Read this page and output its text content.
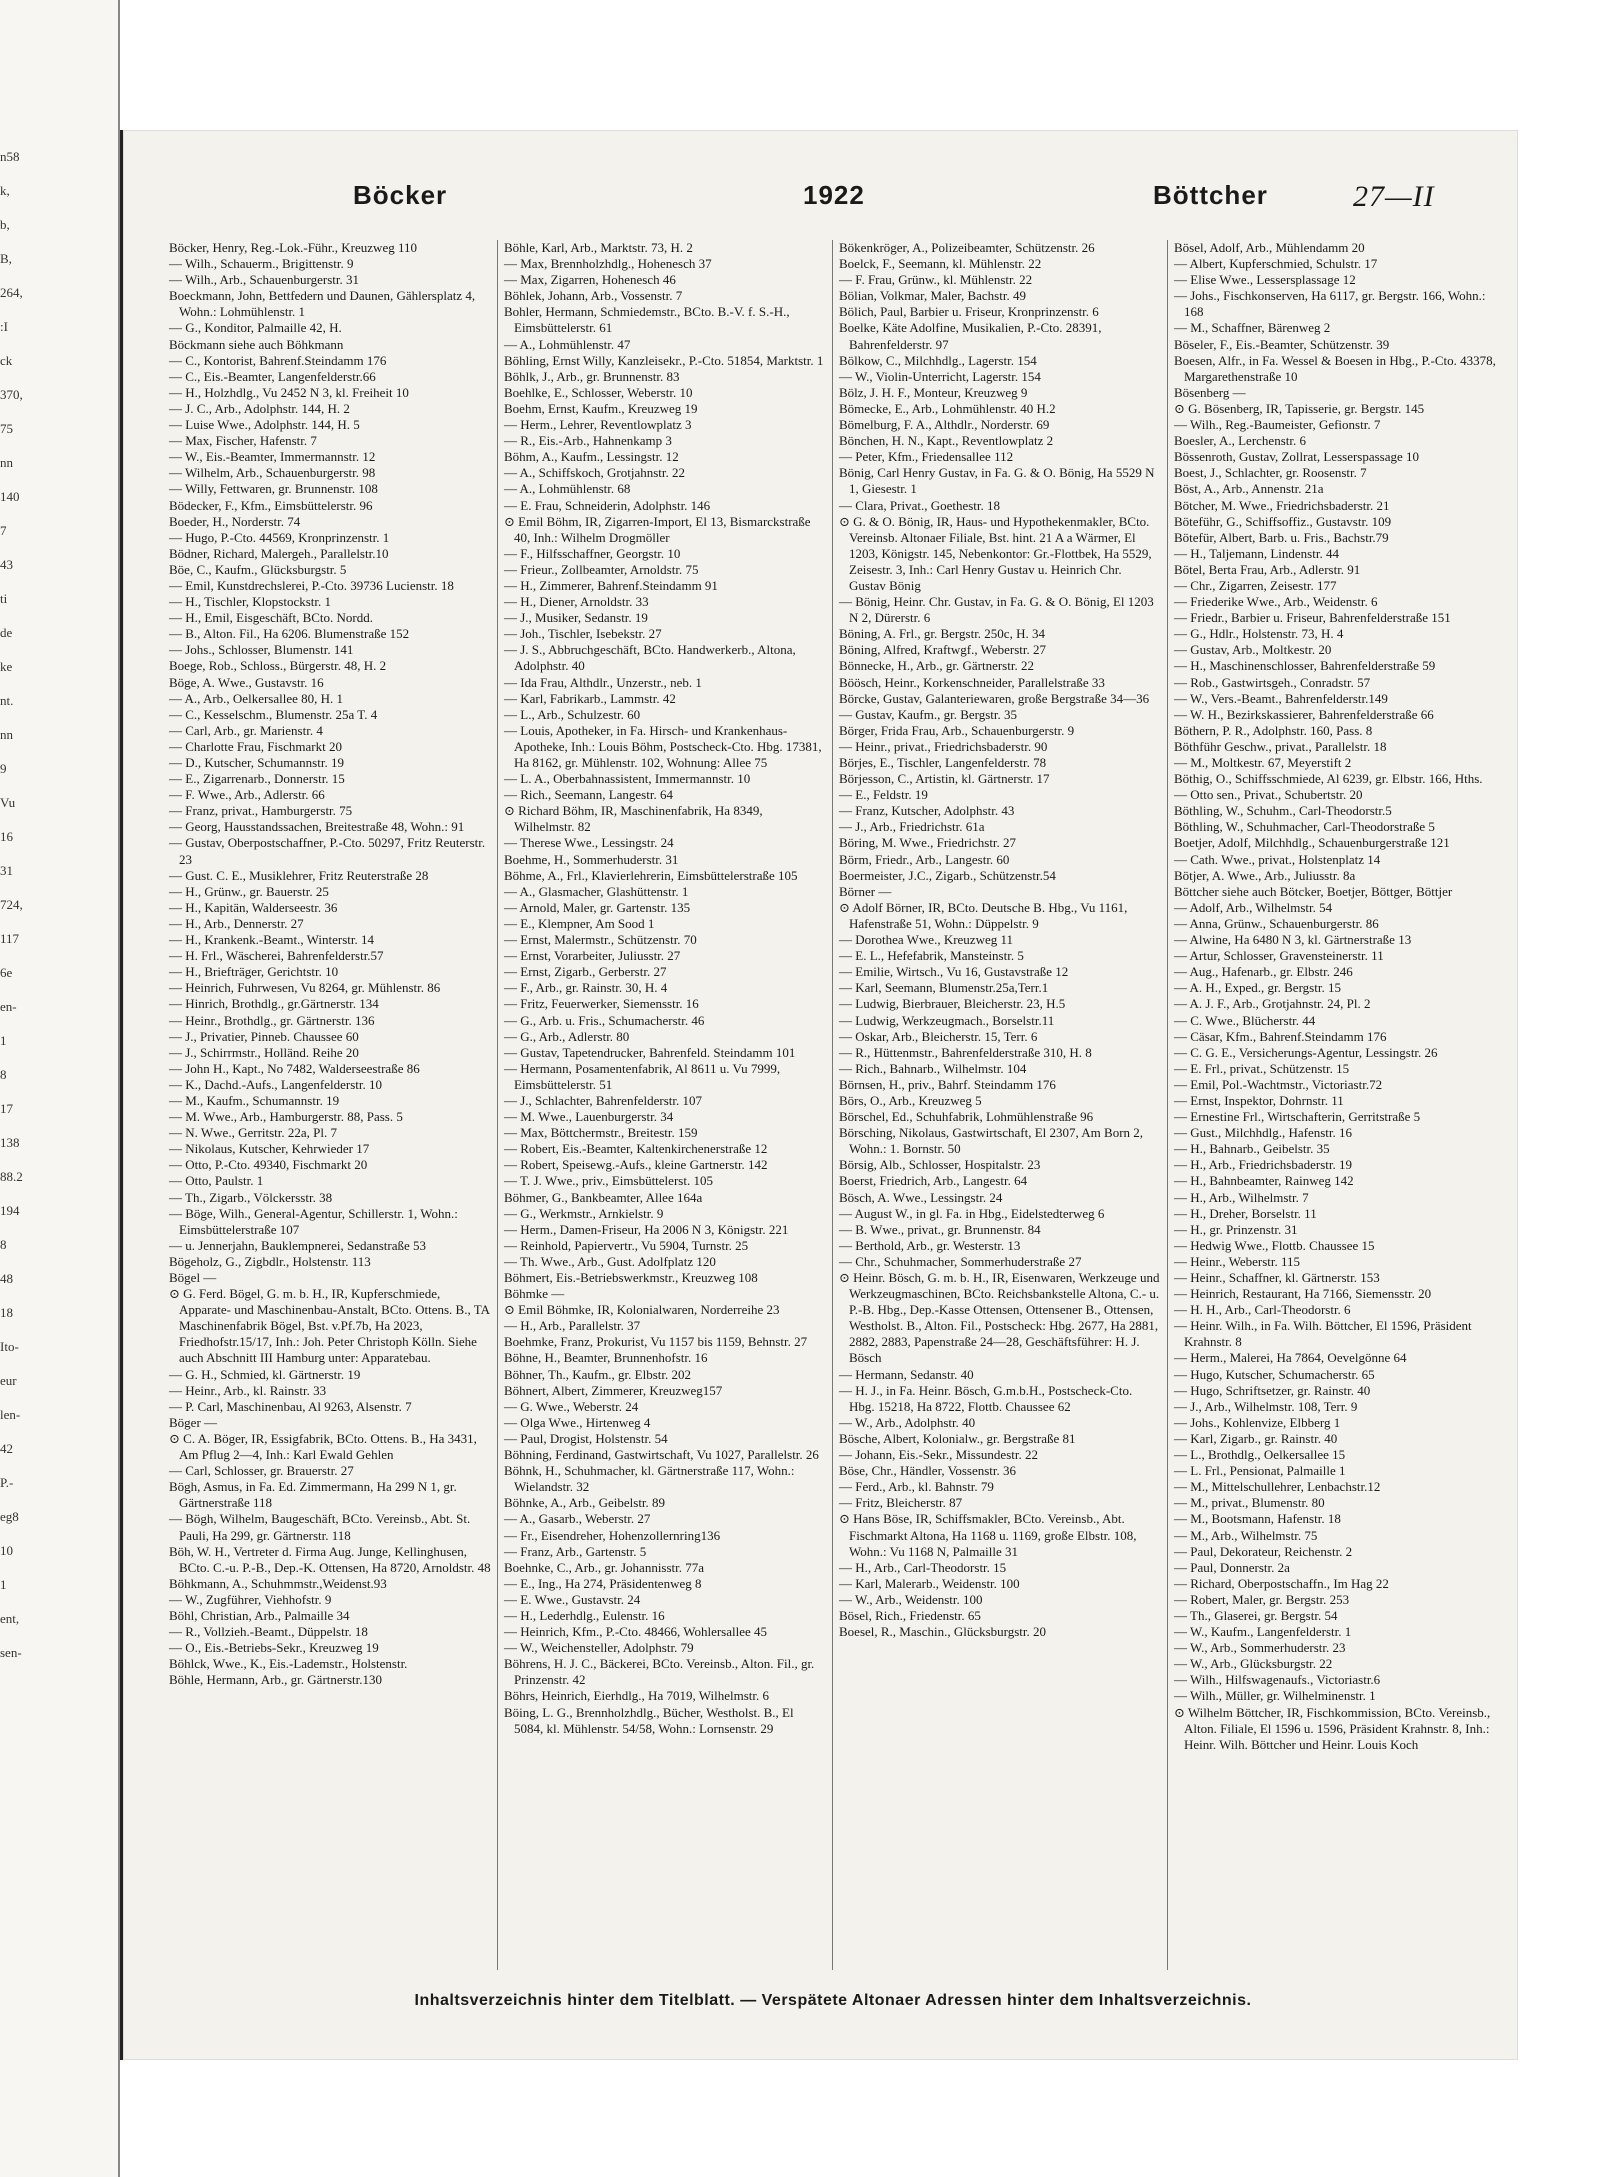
n58
k,
b,
B,
264,
:I
ck
370,
75
nn
140
7
43
ti
de
ke
nt.
nn
9
Vu
16
31
724,
117
6e
en-
1
8
17
138
88.2
194
8
48
18
Ito-
eur
len-
42
P.-
eg8
10
1
ent,
sen-
Böcker	1922	Böttcher	27—II

Böcker, Henry, Reg.-Lok.-Führ., Kreuzweg 110

— Wilh., Schauerm., Brigittenstr. 9

— Wilh., Arb., Schauenburgerstr. 31

Boeckmann, John, Bettfedern und Daunen, Gählersplatz 4, Wohn.: Lohmühlenstr. 1

— G., Konditor, Palmaille 42, H.

Böckmann siehe auch Böhkmann

— C., Kontorist, Bahrenf.Steindamm 176

— C., Eis.-Beamter, Langenfelderstr.66

— H., Holzhdlg., Vu 2452 N 3, kl. Freiheit 10

— J. C., Arb., Adolphstr. 144, H. 2

— Luise Wwe., Adolphstr. 144, H. 5

— Max, Fischer, Hafenstr. 7

— W., Eis.-Beamter, Immermannstr. 12

— Wilhelm, Arb., Schauenburgerstr. 98

— Willy, Fettwaren, gr. Brunnenstr. 108

Bödecker, F., Kfm., Eimsbüttelerstr. 96

Boeder, H., Norderstr. 74

— Hugo, P.-Cto. 44569, Kronprinzenstr. 1

Bödner, Richard, Malergeh., Parallelstr.10

Böe, C., Kaufm., Glücksburgstr. 5

— Emil, Kunstdrechslerei, P.-Cto. 39736 Lucienstr. 18

— H., Tischler, Klopstockstr. 1

— H., Emil, Eisgeschäft, BCto. Nordd.

— B., Alton. Fil., Ha 6206. Blumenstraße 152

— Johs., Schlosser, Blumenstr. 141

Boege, Rob., Schloss., Bürgerstr. 48, H. 2

Böge, A. Wwe., Gustavstr. 16

— A., Arb., Oelkersallee 80, H. 1

— C., Kesselschm., Blumenstr. 25a T. 4

— Carl, Arb., gr. Marienstr. 4

— Charlotte Frau, Fischmarkt 20

— D., Kutscher, Schumannstr. 19

— E., Zigarrenarb., Donnerstr. 15

— F. Wwe., Arb., Adlerstr. 66

— Franz, privat., Hamburgerstr. 75

— Georg, Hausstandssachen, Breitestraße 48, Wohn.: 91

— Gustav, Oberpostschaffner, P.-Cto. 50297, Fritz Reuterstr. 23

— Gust. C. E., Musiklehrer, Fritz Reuterstraße 28

— H., Grünw., gr. Bauerstr. 25

— H., Kapitän, Walderseestr. 36

— H., Arb., Dennerstr. 27

— H., Krankenk.-Beamt., Winterstr. 14

— H. Frl., Wäscherei, Bahrenfelderstr.57

— H., Briefträger, Gerichtstr. 10

— Heinrich, Fuhrwesen, Vu 8264, gr. Mühlenstr. 86

— Hinrich, Brothdlg., gr.Gärtnerstr. 134

— Heinr., Brothdlg., gr. Gärtnerstr. 136

— J., Privatier, Pinneb. Chaussee 60

— J., Schirrmstr., Holländ. Reihe 20

— John H., Kapt., No 7482, Walderseestraße 86

— K., Dachd.-Aufs., Langenfelderstr. 10

— M., Kaufm., Schumannstr. 19

— M. Wwe., Arb., Hamburgerstr. 88, Pass. 5

— N. Wwe., Gerritstr. 22a, Pl. 7

— Nikolaus, Kutscher, Kehrwieder 17

— Otto, P.-Cto. 49340, Fischmarkt 20

— Otto, Paulstr. 1

— Th., Zigarb., Völckersstr. 38

— Böge, Wilh., General-Agentur, Schillerstr. 1, Wohn.: Eimsbüttelerstraße 107

— u. Jennerjahn, Bauklempnerei, Sedanstraße 53

Bögeholz, G., Zigbdlr., Holstenstr. 113

Bögel —

⊙ G. Ferd. Bögel, G. m. b. H., IR, Kupferschmiede, Apparate- und Maschinenbau-Anstalt, BCto. Ottens. B., TA Maschinenfabrik Bögel, Bst. v.Pf.7b, Ha 2023, Friedhofstr.15/17, Inh.: Joh. Peter Christoph Kölln. Siehe auch Abschnitt III Hamburg unter: Apparatebau.

— G. H., Schmied, kl. Gärtnerstr. 19

— Heinr., Arb., kl. Rainstr. 33

— P. Carl, Maschinenbau, Al 9263, Alsenstr. 7

Böger —

⊙ C. A. Böger, IR, Essigfabrik, BCto. Ottens. B., Ha 3431, Am Pflug 2—4, Inh.: Karl Ewald Gehlen

— Carl, Schlosser, gr. Brauerstr. 27

Bögh, Asmus, in Fa. Ed. Zimmermann, Ha 299 N 1, gr. Gärtnerstraße 118

— Bögh, Wilhelm, Baugeschäft, BCto. Vereinsb., Abt. St. Pauli, Ha 299, gr. Gärtnerstr. 118

Böh, W. H., Vertreter d. Firma Aug. Junge, Kellinghusen, BCto. C.-u. P.-B., Dep.-K. Ottensen, Ha 8720, Arnoldstr. 48

Böhkmann, A., Schuhmmstr.,Weidenst.93

— W., Zugführer, Viehhofstr. 9

Böhl, Christian, Arb., Palmaille 34

— R., Vollzieh.-Beamt., Düppelstr. 18

— O., Eis.-Betriebs-Sekr., Kreuzweg 19

Böhlck, Wwe., K., Eis.-Lademstr., Holstenstr.

Böhle, Hermann, Arb., gr. Gärtnerstr.130

Böhle, Karl, Arb., Marktstr. 73, H. 2

— Max, Brennholzhdlg., Hohenesch 37

— Max, Zigarren, Hohenesch 46

Böhlek, Johann, Arb., Vossenstr. 7

Bohler, Hermann, Schmiedemstr., BCto. B.-V. f. S.-H., Eimsbüttelerstr. 61

— A., Lohmühlenstr. 47

Böhling, Ernst Willy, Kanzleisekr., P.-Cto. 51854, Marktstr. 1

Böhlk, J., Arb., gr. Brunnenstr. 83

Boehlke, E., Schlosser, Weberstr. 10

Boehm, Ernst, Kaufm., Kreuzweg 19

— Herm., Lehrer, Reventlowplatz 3

— R., Eis.-Arb., Hahnenkamp 3

Böhm, A., Kaufm., Lessingstr. 12

— A., Schiffskoch, Grotjahnstr. 22

— A., Lohmühlenstr. 68

— E. Frau, Schneiderin, Adolphstr. 146

⊙ Emil Böhm, IR, Zigarren-Import, El 13, Bismarckstraße 40, Inh.: Wilhelm Drogmöller

— F., Hilfsschaffner, Georgstr. 10

— Frieur., Zollbeamter, Arnoldstr. 75

— H., Zimmerer, Bahrenf.Steindamm 91

— H., Diener, Arnoldstr. 33

— J., Musiker, Sedanstr. 19

— Joh., Tischler, Isebekstr. 27

— J. S., Abbruchgeschäft, BCto. Handwerkerb., Altona, Adolphstr. 40

— Ida Frau, Althdlr., Unzerstr., neb. 1

— Karl, Fabrikarb., Lammstr. 42

— L., Arb., Schulzestr. 60

— Louis, Apotheker, in Fa. Hirsch- und Krankenhaus-Apotheke, Inh.: Louis Böhm, Postscheck-Cto. Hbg. 17381, Ha 8162, gr. Mühlenstr. 102, Wohnung: Allee 75

— L. A., Oberbahnassistent, Immermannstr. 10

— Rich., Seemann, Langestr. 64

⊙ Richard Böhm, IR, Maschinenfabrik, Ha 8349, Wilhelmstr. 82

— Therese Wwe., Lessingstr. 24

Boehme, H., Sommerhuderstr. 31

Böhme, A., Frl., Klavierlehrerin, Eimsbüttelerstraße 105

— A., Glasmacher, Glashüttenstr. 1

— Arnold, Maler, gr. Gartenstr. 135

— E., Klempner, Am Sood 1

— Ernst, Malermstr., Schützenstr. 70

— Ernst, Vorarbeiter, Juliusstr. 27

— Ernst, Zigarb., Gerberstr. 27

— F., Arb., gr. Rainstr. 30, H. 4

— Fritz, Feuerwerker, Siemensstr. 16

— G., Arb. u. Fris., Schumacherstr. 46

— G., Arb., Adlerstr. 80

— Gustav, Tapetendrucker, Bahrenfeld. Steindamm 101

— Hermann, Posamentenfabrik, Al 8611 u. Vu 7999, Eimsbüttelerstr. 51

— J., Schlachter, Bahrenfelderstr. 107

— M. Wwe., Lauenburgerstr. 34

— Max, Böttchermstr., Breitestr. 159

— Robert, Eis.-Beamter, Kaltenkirchenerstraße 12

— Robert, Speisewg.-Aufs., kleine Gartnerstr. 142

— T. J. Wwe., priv., Eimsbüttelerst. 105

Böhmer, G., Bankbeamter, Allee 164a

— G., Werkmstr., Arnkielstr. 9

— Herm., Damen-Friseur, Ha 2006 N 3, Königstr. 221

— Reinhold, Papiervertr., Vu 5904, Turnstr. 25

— Th. Wwe., Arb., Gust. Adolfplatz 120

Böhmert, Eis.-Betriebswerkmstr., Kreuzweg 108

Böhmke —

⊙ Emil Böhmke, IR, Kolonialwaren, Norderreihe 23

— H., Arb., Parallelstr. 37

Boehmke, Franz, Prokurist, Vu 1157 bis 1159, Behnstr. 27

Böhne, H., Beamter, Brunnenhofstr. 16

Böhner, Th., Kaufm., gr. Elbstr. 202

Böhnert, Albert, Zimmerer, Kreuzweg157

— G. Wwe., Weberstr. 24

— Olga Wwe., Hirtenweg 4

— Paul, Drogist, Holstenstr. 54

Böhning, Ferdinand, Gastwirtschaft, Vu 1027, Parallelstr. 26

Böhnk, H., Schuhmacher, kl. Gärtnerstraße 117, Wohn.: Wielandstr. 32

Böhnke, A., Arb., Geibelstr. 89

— A., Gasarb., Weberstr. 27

— Fr., Eisendreher, Hohenzollernring136

— Franz, Arb., Gartenstr. 5

Boehnke, C., Arb., gr. Johannisstr. 77a

— E., Ing., Ha 274, Präsidentenweg 8

— E. Wwe., Gustavstr. 24

— H., Lederhdlg., Eulenstr. 16

— Heinrich, Kfm., P.-Cto. 48466, Wohlersallee 45

— W., Weichensteller, Adolphstr. 79

Böhrens, H. J. C., Bäckerei, BCto. Vereinsb., Alton. Fil., gr. Prinzenstr. 42

Böhrs, Heinrich, Eierhdlg., Ha 7019, Wilhelmstr. 6

Böing, L. G., Brennholzhdlg., Bücher, Westholst. B., El 5084, kl. Mühlenstr. 54/58, Wohn.: Lornsenstr. 29

Bökenkröger, A., Polizeibeamter, Schützenstr. 26

Boelck, F., Seemann, kl. Mühlenstr. 22

— F. Frau, Grünw., kl. Mühlenstr. 22

Bölian, Volkmar, Maler, Bachstr. 49

Bölich, Paul, Barbier u. Friseur, Kronprinzenstr. 6

Boelke, Käte Adolfine, Musikalien, P.-Cto. 28391, Bahrenfelderstr. 97

Bölkow, C., Milchhdlg., Lagerstr. 154

— W., Violin-Unterricht, Lagerstr. 154

Bölz, J. H. F., Monteur, Kreuzweg 9

Bömecke, E., Arb., Lohmühlenstr. 40 H.2

Bömelburg, F. A., Althdlr., Norderstr. 69

Bönchen, H. N., Kapt., Reventlowplatz 2

— Peter, Kfm., Friedensallee 112

Bönig, Carl Henry Gustav, in Fa. G. & O. Bönig, Ha 5529 N 1, Giesestr. 1

— Clara, Privat., Goethestr. 18

⊙ G. & O. Bönig, IR, Haus- und Hypothekenmakler, BCto. Vereinsb. Altonaer Filiale, Bst. hint. 21 A a Wärmer, El 1203, Königstr. 145, Nebenkontor: Gr.-Flottbek, Ha 5529, Zeisestr. 3, Inh.: Carl Henry Gustav u. Heinrich Chr. Gustav Bönig

— Bönig, Heinr. Chr. Gustav, in Fa. G. & O. Bönig, El 1203 N 2, Dürerstr. 6

Böning, A. Frl., gr. Bergstr. 250c, H. 34

Böning, Alfred, Kraftwgf., Weberstr. 27

Bönnecke, H., Arb., gr. Gärtnerstr. 22

Böösch, Heinr., Korkenschneider, Parallelstraße 33

Börcke, Gustav, Galanteriewaren, große Bergstraße 34—36

— Gustav, Kaufm., gr. Bergstr. 35

Börger, Frida Frau, Arb., Schauenburgerstr. 9

— Heinr., privat., Friedrichsbaderstr. 90

Börjes, E., Tischler, Langenfelderstr. 78

Börjesson, C., Artistin, kl. Gärtnerstr. 17

— E., Feldstr. 19

— Franz, Kutscher, Adolphstr. 43

— J., Arb., Friedrichstr. 61a

Böring, M. Wwe., Friedrichstr. 27

Börm, Friedr., Arb., Langestr. 60

Boermeister, J.C., Zigarb., Schützenstr.54

Börner —

⊙ Adolf Börner, IR, BCto. Deutsche B. Hbg., Vu 1161, Hafenstraße 51, Wohn.: Düppelstr. 9

— Dorothea Wwe., Kreuzweg 11

— E. L., Hefefabrik, Mansteinstr. 5

— Emilie, Wirtsch., Vu 16, Gustavstraße 12

— Karl, Seemann, Blumenstr.25a,Terr.1

— Ludwig, Bierbrauer, Bleicherstr. 23, H.5

— Ludwig, Werkzeugmach., Borselstr.11

— Oskar, Arb., Bleicherstr. 15, Terr. 6

— R., Hüttenmstr., Bahrenfelderstraße 310, H. 8

— Rich., Bahnarb., Wilhelmstr. 104

Börnsen, H., priv., Bahrf. Steindamm 176

Börs, O., Arb., Kreuzweg 5

Börschel, Ed., Schuhfabrik, Lohmühlenstraße 96

Börsching, Nikolaus, Gastwirtschaft, El 2307, Am Born 2, Wohn.: 1. Bornstr. 50

Börsig, Alb., Schlosser, Hospitalstr. 23

Boerst, Friedrich, Arb., Langestr. 64

Bösch, A. Wwe., Lessingstr. 24

— August W., in gl. Fa. in Hbg., Eidelstedterweg 6

— B. Wwe., privat., gr. Brunnenstr. 84

— Berthold, Arb., gr. Westerstr. 13

— Chr., Schuhmacher, Sommerhuderstraße 27

⊙ Heinr. Bösch, G. m. b. H., IR, Eisenwaren, Werkzeuge und Werkzeugmaschinen, BCto. Reichsbankstelle Altona, C.- u. P.-B. Hbg., Dep.-Kasse Ottensen, Ottensener B., Ottensen, Westholst. B., Alton. Fil., Postscheck: Hbg. 2677, Ha 2881, 2882, 2883, Papenstraße 24—28, Geschäftsführer: H. J. Bösch

— Hermann, Sedanstr. 40

— H. J., in Fa. Heinr. Bösch, G.m.b.H., Postscheck-Cto. Hbg. 15218, Ha 8722, Flottb. Chaussee 62

— W., Arb., Adolphstr. 40

Bösche, Albert, Kolonialw., gr. Bergstraße 81

— Johann, Eis.-Sekr., Missundestr. 22

Böse, Chr., Händler, Vossenstr. 36

— Ferd., Arb., kl. Bahnstr. 79

— Fritz, Bleicherstr. 87

⊙ Hans Böse, IR, Schiffsmakler, BCto. Vereinsb., Abt. Fischmarkt Altona, Ha 1168 u. 1169, große Elbstr. 108, Wohn.: Vu 1168 N, Palmaille 31

— H., Arb., Carl-Theodorstr. 15

— Karl, Malerarb., Weidenstr. 100

— W., Arb., Weidenstr. 100

Bösel, Rich., Friedenstr. 65

Boesel, R., Maschin., Glücksburgstr. 20

Bösel, Adolf, Arb., Mühlendamm 20

— Albert, Kupferschmied, Schulstr. 17

— Elise Wwe., Lessersplassage 12

— Johs., Fischkonserven, Ha 6117, gr. Bergstr. 166, Wohn.: 168

— M., Schaffner, Bärenweg 2

Böseler, F., Eis.-Beamter, Schützenstr. 39

Boesen, Alfr., in Fa. Wessel & Boesen in Hbg., P.-Cto. 43378, Margarethenstraße 10

Bösenberg —

⊙ G. Bösenberg, IR, Tapisserie, gr. Bergstr. 145

— Wilh., Reg.-Baumeister, Gefionstr. 7

Boesler, A., Lerchenstr. 6

Bössenroth, Gustav, Zollrat, Lesserspassage 10

Boest, J., Schlachter, gr. Roosenstr. 7

Böst, A., Arb., Annenstr. 21a

Bötcher, M. Wwe., Friedrichsbaderstr. 21

Böteführ, G., Schiffsoffiz., Gustavstr. 109

Bötefür, Albert, Barb. u. Fris., Bachstr.79

— H., Taljemann, Lindenstr. 44

Bötel, Berta Frau, Arb., Adlerstr. 91

— Chr., Zigarren, Zeisestr. 177

— Friederike Wwe., Arb., Weidenstr. 6

— Friedr., Barbier u. Friseur, Bahrenfelderstraße 151

— G., Hdlr., Holstenstr. 73, H. 4

— Gustav, Arb., Moltkestr. 20

— H., Maschinenschlosser, Bahrenfelderstraße 59

— Rob., Gastwirtsgeh., Conradstr. 57

— W., Vers.-Beamt., Bahrenfelderstr.149

— W. H., Bezirkskassierer, Bahrenfelderstraße 66

Böthern, P. R., Adolphstr. 160, Pass. 8

Böthführ Geschw., privat., Parallelstr. 18

— M., Moltkestr. 67, Meyerstift 2

Böthig, O., Schiffsschmiede, Al 6239, gr. Elbstr. 166, Hths.

— Otto sen., Privat., Schubertstr. 20

Böthling, W., Schuhm., Carl-Theodorstr.5

Böthling, W., Schuhmacher, Carl-Theodorstraße 5

Boetjer, Adolf, Milchhdlg., Schauenburgerstraße 121

— Cath. Wwe., privat., Holstenplatz 14

Bötjer, A. Wwe., Arb., Juliusstr. 8a

Böttcher siehe auch Bötcker, Boetjer, Böttger, Böttjer

— Adolf, Arb., Wilhelmstr. 54

— Anna, Grünw., Schauenburgerstr. 86

— Alwine, Ha 6480 N 3, kl. Gärtnerstraße 13

— Artur, Schlosser, Gravensteinerstr. 11

— Aug., Hafenarb., gr. Elbstr. 246

— A. H., Exped., gr. Bergstr. 15

— A. J. F., Arb., Grotjahnstr. 24, Pl. 2

— C. Wwe., Blücherstr. 44

— Cäsar, Kfm., Bahrenf.Steindamm 176

— C. G. E., Versicherungs-Agentur, Lessingstr. 26

— E. Frl., privat., Schützenstr. 15

— Emil, Pol.-Wachtmstr., Victoriastr.72

— Ernst, Inspektor, Dohrnstr. 11

— Ernestine Frl., Wirtschafterin, Gerritstraße 5

— Gust., Milchhdlg., Hafenstr. 16

— H., Bahnarb., Geibelstr. 35

— H., Arb., Friedrichsbaderstr. 19

— H., Bahnbeamter, Rainweg 142

— H., Arb., Wilhelmstr. 7

— H., Dreher, Borselstr. 11

— H., gr. Prinzenstr. 31

— Hedwig Wwe., Flottb. Chaussee 15

— Heinr., Weberstr. 115

— Heinr., Schaffner, kl. Gärtnerstr. 153

— Heinrich, Restaurant, Ha 7166, Siemensstr. 20

— H. H., Arb., Carl-Theodorstr. 6

— Heinr. Wilh., in Fa. Wilh. Böttcher, El 1596, Präsident Krahnstr. 8

— Herm., Malerei, Ha 7864, Oevelgönne 64

— Hugo, Kutscher, Schumacherstr. 65

— Hugo, Schriftsetzer, gr. Rainstr. 40

— J., Arb., Wilhelmstr. 108, Terr. 9

— Johs., Kohlenvize, Elbberg 1

— Karl, Zigarb., gr. Rainstr. 40

— L., Brothdlg., Oelkersallee 15

— L. Frl., Pensionat, Palmaille 1

— M., Mittelschullehrer, Lenbachstr.12

— M., privat., Blumenstr. 80

— M., Bootsmann, Hafenstr. 18

— M., Arb., Wilhelmstr. 75

— Paul, Dekorateur, Reichenstr. 2

— Paul, Donnerstr. 2a

— Richard, Oberpostschaffn., Im Hag 22

— Robert, Maler, gr. Bergstr. 253

— Th., Glaserei, gr. Bergstr. 54

— W., Kaufm., Langenfelderstr. 1

— W., Arb., Sommerhuderstr. 23

— W., Arb., Glücksburgstr. 22

— Wilh., Hilfswagenaufs., Victoriastr.6

— Wilh., Müller, gr. Wilhelminenstr. 1

⊙ Wilhelm Böttcher, IR, Fischkommission, BCto. Vereinsb., Alton. Filiale, El 1596 u. 1596, Präsident Krahnstr. 8, Inh.: Heinr. Wilh. Böttcher und Heinr. Louis Koch

Inhaltsverzeichnis hinter dem Titelblatt. — Verspätete Altonaer Adressen hinter dem Inhaltsverzeichnis.
